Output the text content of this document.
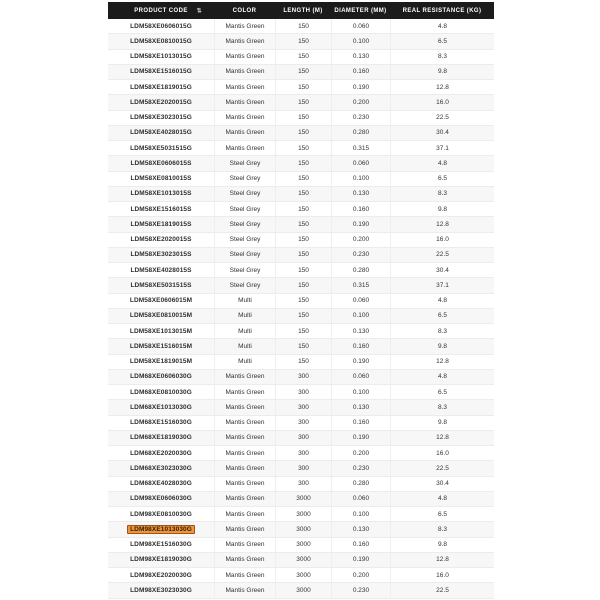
PRODUCT CODE ⇅	COLOR	LENGTH (M) DIAMETER (MM)	REAL RESISTANCE (KG)
LDM58XE0606015G	Mantis Green	150	0.060	4.8
LDM58XE0810015G	Mantis Green	150	0.100	6.5
LDM58XE1013015G	Mantis Green	150	0.130	8.3
LDM58XE1516015G	Mantis Green	150	0.160	9.8
LDM58XE1819015G	Mantis Green	150	0.190	12.8
LDM58XE2020015G	Mantis Green	150	0.200	16.0
LDM58XE3023015G	Mantis Green	150	0.230	22.5
LDM58XE4028015G	Mantis Green	150	0.280	30.4
LDM58XE5031515G	Mantis Green	150	0.315	37.1
LDM58XE0606015S	Steel Grey	150	0.060	4.8
LDM58XE0810015S	Steel Grey	150	0.100	6.5
LDM58XE1013015S	Steel Grey	150	0.130	8.3
LDM58XE1516015S	Steel Grey	150	0.160	9.8
LDM58XE1819015S	Steel Grey	150	0.190	12.8
LDM58XE2020015S	Steel Grey	150	0.200	16.0
LDM58XE3023015S	Steel Grey	150	0.230	22.5
LDM58XE4028015S	Steel Grey	150	0.280	30.4
LDM58XE5031515S	Steel Grey	150	0.315	37.1
LDM58XE0606015M	Multi	150	0.060	4.8
LDM58XE0810015M	Multi	150	0.100	6.5
LDM58XE1013015M	Multi	150	0.130	8.3
LDM58XE1516015M	Multi	150	0.160	9.8
LDM58XE1819015M	Multi	150	0.190	12.8
LDM68XE0606030G	Mantis Green	300	0.060	4.8
LDM68XE0810030G	Mantis Green	300	0.100	6.5
LDM68XE1013030G	Mantis Green	300	0.130	8.3
LDM68XE1516030G	Mantis Green	300	0.160	9.8
LDM68XE1819030G	Mantis Green	300	0.190	12.8
LDM68XE2020030G	Mantis Green	300	0.200	16.0
LDM68XE3023030G	Mantis Green	300	0.230	22.5
LDM68XE4028030G	Mantis Green	300	0.280	30.4
LDM98XE0606030G	Mantis Green	3000	0.060	4.8
LDM98XE0810030G	Mantis Green	3000	0.100	6.5
LDM98XE1013030G	Mantis Green	3000	0.130	8.3
LDM98XE1516030G	Mantis Green	3000	0.160	9.8
LDM98XE1819030G	Mantis Green	3000	0.190	12.8
LDM98XE2020030G	Mantis Green	3000	0.200	16.0
LDM98XE3023030G	Mantis Green	3000	0.230	22.5
